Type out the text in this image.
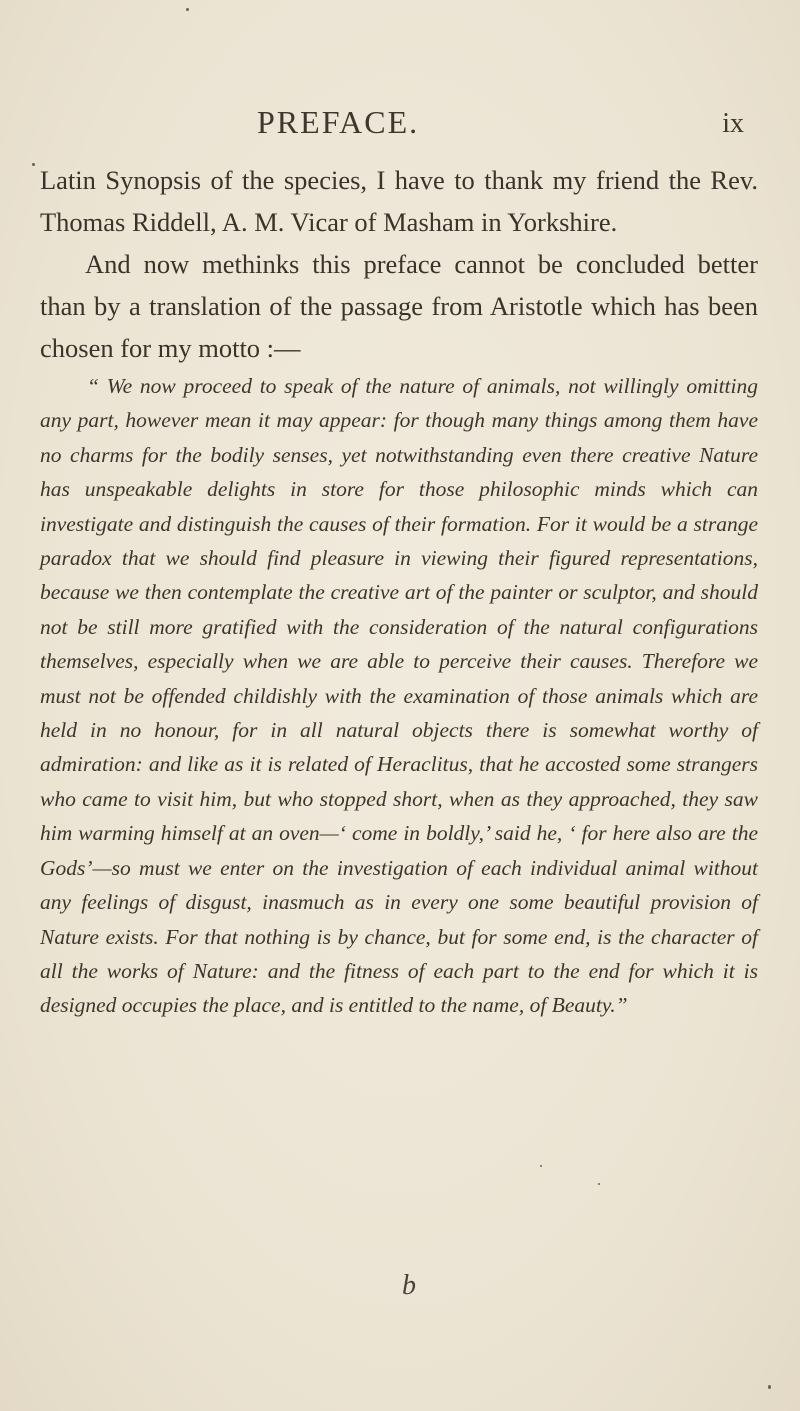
PREFACE.	ix

Latin Synopsis of the species, I have to thank my friend the Rev. Thomas Riddell, A. M. Vicar of Masham in Yorkshire.

And now methinks this preface cannot be concluded better than by a translation of the passage from Aristotle which has been chosen for my motto :—

“ We now proceed to speak of the nature of animals, not willingly omitting any part, however mean it may appear: for though many things among them have no charms for the bodily senses, yet notwithstanding even there creative Nature has unspeakable delights in store for those philosophic minds which can investigate and distinguish the causes of their formation. For it would be a strange paradox that we should find pleasure in viewing their figured representations, because we then contemplate the creative art of the painter or sculptor, and should not be still more gratified with the consideration of the natural configurations themselves, especially when we are able to perceive their causes. Therefore we must not be offended childishly with the examination of those animals which are held in no honour, for in all natural objects there is somewhat worthy of admiration: and like as it is related of Heraclitus, that he accosted some strangers who came to visit him, but who stopped short, when as they approached, they saw him warming himself at an oven—‘ come in boldly,’ said he, ‘ for here also are the Gods’—so must we enter on the investigation of each individual animal without any feelings of disgust, inasmuch as in every one some beautiful provision of Nature exists. For that nothing is by chance, but for some end, is the character of all the works of Nature: and the fitness of each part to the end for which it is designed occupies the place, and is entitled to the name, of Beauty.”

b
